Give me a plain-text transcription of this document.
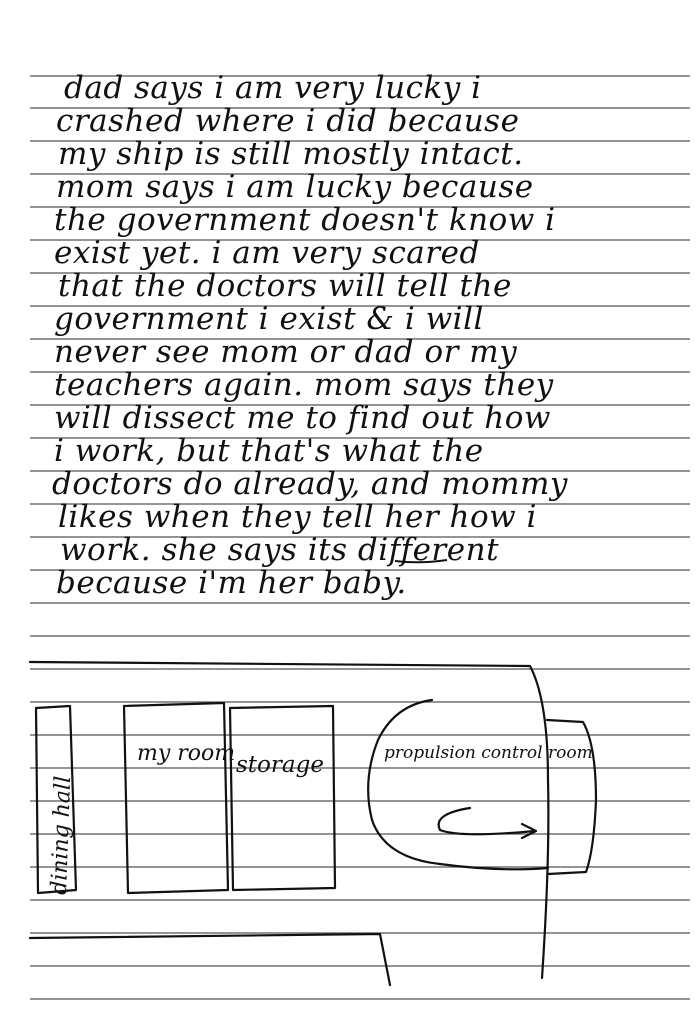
dad says i am very lucky i
crashed where i did because
my ship is still mostly intact.
mom says i am lucky because
the government doesn't know i
exist yet. i am very scared
that the doctors will tell the
government i exist & i will
never see mom or dad or my
teachers again. mom says they
will dissect me to find out how
i work, but that's what the
doctors do already, and mommy
likes when they tell her how i
work. she says its different
because i'm her baby.
dining hall
my room storage	propulsion control room
